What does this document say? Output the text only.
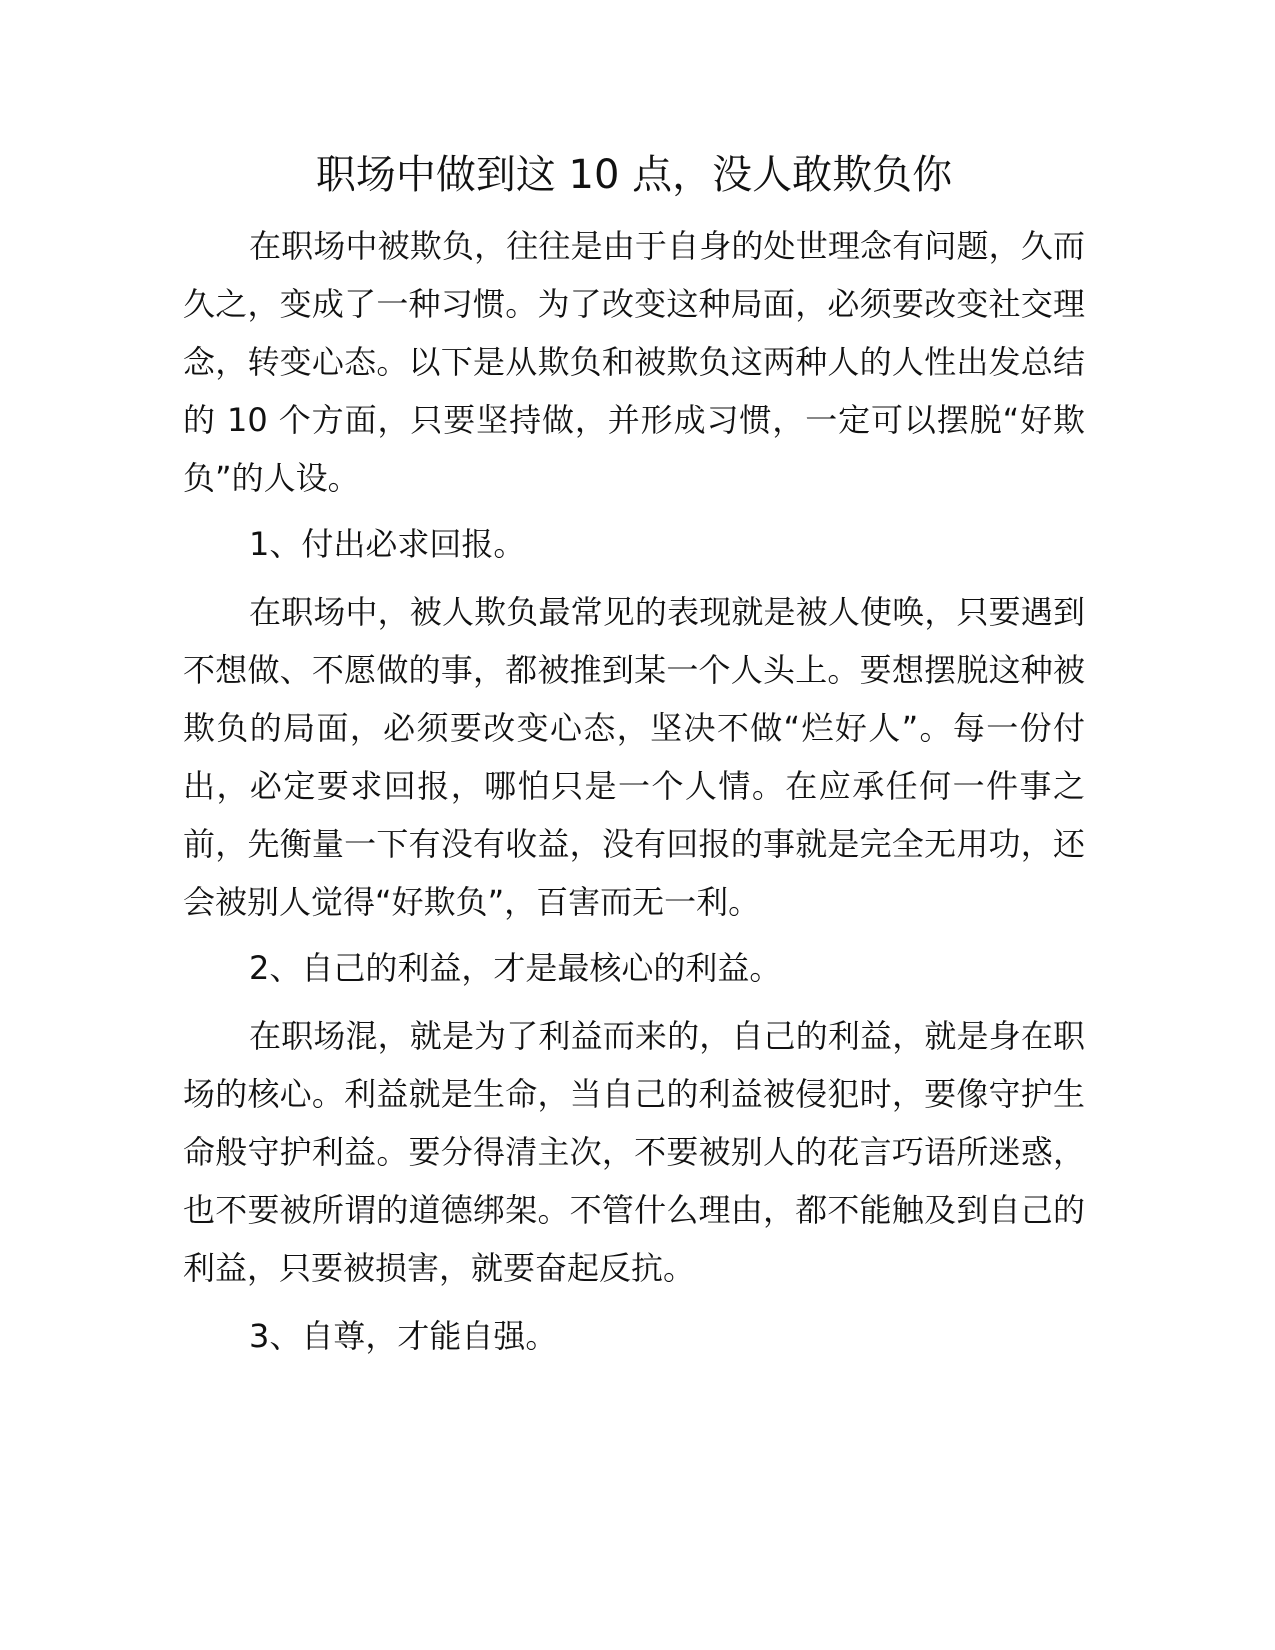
职场中做到这 10 点，没人敢欺负你

在职场中被欺负，往往是由于自身的处世理念有问题，久而久之，变成了一种习惯。为了改变这种局面，必须要改变社交理念，转变心态。以下是从欺负和被欺负这两种人的人性出发总结的 10 个方面，只要坚持做，并形成习惯，一定可以摆脱“好欺负”的人设。

1、付出必求回报。

在职场中，被人欺负最常见的表现就是被人使唤，只要遇到不想做、不愿做的事，都被推到某一个人头上。要想摆脱这种被欺负的局面，必须要改变心态，坚决不做“烂好人”。每一份付出，必定要求回报，哪怕只是一个人情。在应承任何一件事之前，先衡量一下有没有收益，没有回报的事就是完全无用功，还会被别人觉得“好欺负”，百害而无一利。

2、自己的利益，才是最核心的利益。

在职场混，就是为了利益而来的，自己的利益，就是身在职场的核心。利益就是生命，当自己的利益被侵犯时，要像守护生命般守护利益。要分得清主次，不要被别人的花言巧语所迷惑，也不要被所谓的道德绑架。不管什么理由，都不能触及到自己的利益，只要被损害，就要奋起反抗。

3、自尊，才能自强。
